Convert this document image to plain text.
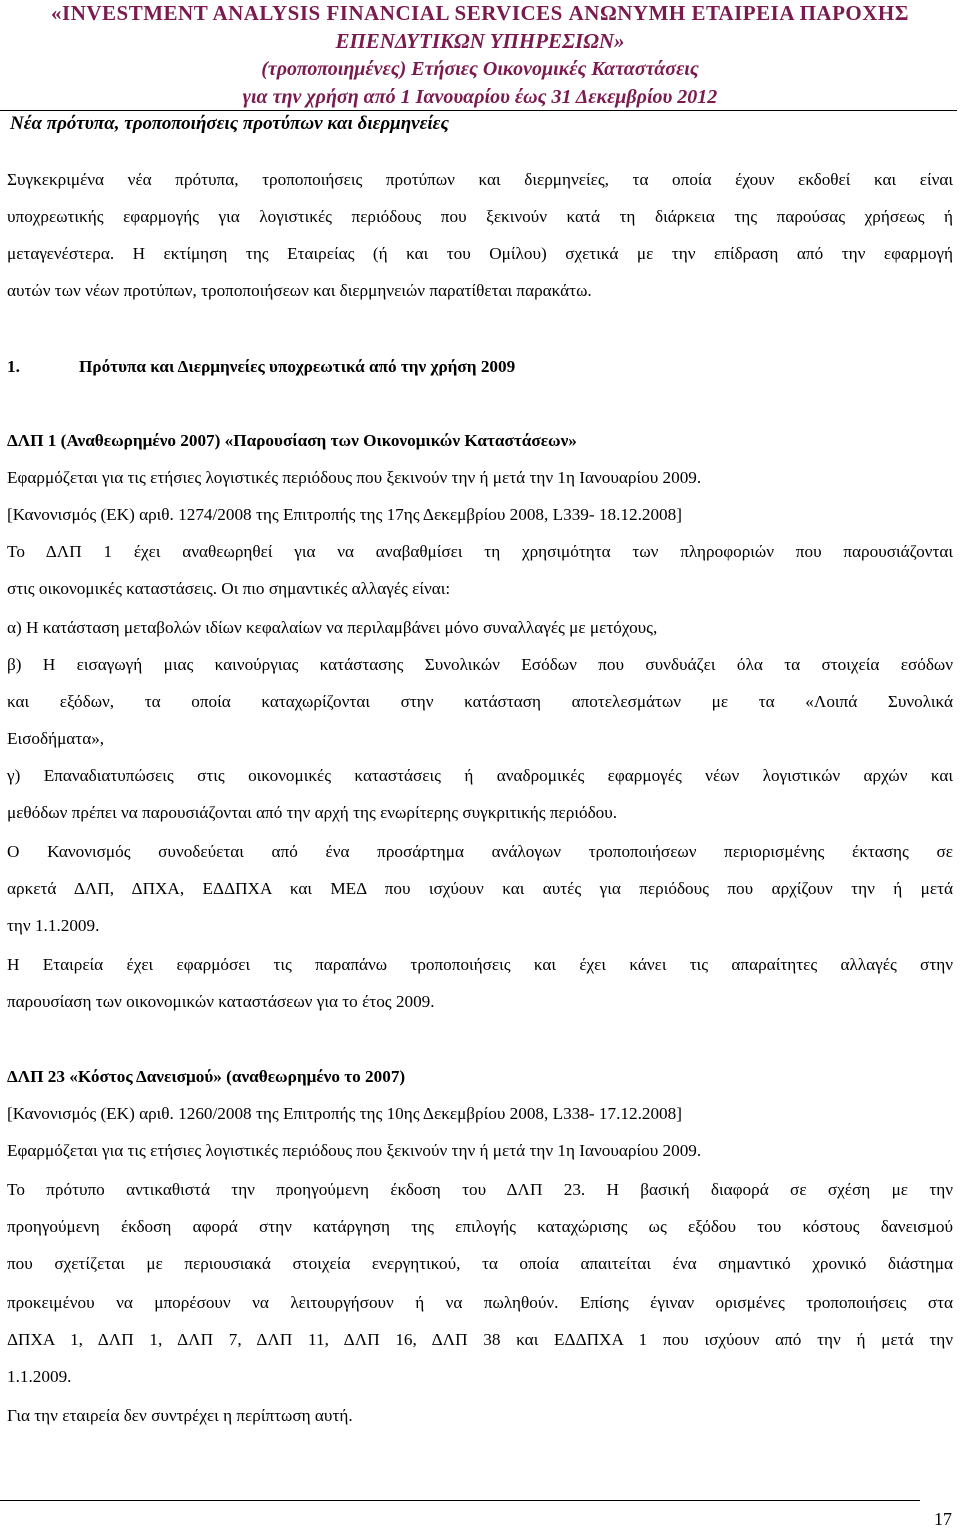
«INVESTMENT ANALYSIS FINANCIAL SERVICES ΑΝΩΝΥΜΗ ΕΤΑΙΡΕΙΑ ΠΑΡΟΧΗΣ
ΕΠΕΝΔΥΤΙΚΩΝ ΥΠΗΡΕΣΙΩΝ»
(τροποποιημένες) Ετήσιες Οικονομικές Καταστάσεις
για την χρήση από 1 Ιανουαρίου έως 31 Δεκεμβρίου 2012
Νέα πρότυπα, τροποποιήσεις προτύπων και διερμηνείες
Συγκεκριμένα νέα πρότυπα, τροποποιήσεις προτύπων και διερμηνείες, τα οποία έχουν εκδοθεί και είναι
υποχρεωτικής εφαρμογής για λογιστικές περιόδους που ξεκινούν κατά τη διάρκεια της παρούσας χρήσεως ή
μεταγενέστερα. Η εκτίμηση της Εταιρείας (ή και του Ομίλου) σχετικά με την επίδραση από την εφαρμογή
αυτών των νέων προτύπων, τροποποιήσεων και διερμηνειών παρατίθεται παρακάτω.
1.	Πρότυπα και Διερμηνείες υποχρεωτικά από την χρήση 2009
ΔΛΠ 1 (Αναθεωρημένο 2007) «Παρουσίαση των Οικονομικών Καταστάσεων»
Εφαρμόζεται για τις ετήσιες λογιστικές περιόδους που ξεκινούν την ή μετά την 1η Ιανουαρίου 2009.
[Κανονισμός (ΕΚ) αριθ. 1274/2008 της Επιτροπής της 17ης Δεκεμβρίου 2008, L339- 18.12.2008]
Το ΔΛΠ 1 έχει αναθεωρηθεί για να αναβαθμίσει τη χρησιμότητα των πληροφοριών που παρουσιάζονται
στις οικονομικές καταστάσεις. Οι πιο σημαντικές αλλαγές είναι:
α) Η κατάσταση μεταβολών ιδίων κεφαλαίων να περιλαμβάνει μόνο συναλλαγές με μετόχους,
β) Η εισαγωγή μιας καινούργιας κατάστασης Συνολικών Εσόδων που συνδυάζει όλα τα στοιχεία εσόδων
και εξόδων, τα οποία καταχωρίζονται στην κατάσταση αποτελεσμάτων με τα «Λοιπά Συνολικά
Εισοδήματα»,
γ) Επαναδιατυπώσεις στις οικονομικές καταστάσεις ή αναδρομικές εφαρμογές νέων λογιστικών αρχών και
μεθόδων πρέπει να παρουσιάζονται από την αρχή της ενωρίτερης συγκριτικής περιόδου.
Ο Κανονισμός συνοδεύεται από ένα προσάρτημα ανάλογων τροποποιήσεων περιορισμένης έκτασης σε
αρκετά ΔΛΠ, ΔΠΧΑ, ΕΔΔΠΧΑ και ΜΕΔ που ισχύουν και αυτές για περιόδους που αρχίζουν την ή μετά
την 1.1.2009.
Η Εταιρεία έχει εφαρμόσει τις παραπάνω τροποποιήσεις και έχει κάνει τις απαραίτητες αλλαγές στην
παρουσίαση των οικονομικών καταστάσεων για το έτος 2009.
ΔΛΠ 23 «Κόστος Δανεισμού» (αναθεωρημένο το 2007)
[Κανονισμός (ΕΚ) αριθ. 1260/2008 της Επιτροπής της 10ης Δεκεμβρίου 2008, L338- 17.12.2008]
Εφαρμόζεται για τις ετήσιες λογιστικές περιόδους που ξεκινούν την ή μετά την 1η Ιανουαρίου 2009.
Το πρότυπο αντικαθιστά την προηγούμενη έκδοση του ΔΛΠ 23. Η βασική διαφορά σε σχέση με την
προηγούμενη έκδοση αφορά στην κατάργηση της επιλογής καταχώρισης ως εξόδου του κόστους δανεισμού
που σχετίζεται με περιουσιακά στοιχεία ενεργητικού, τα οποία απαιτείται ένα σημαντικό χρονικό διάστημα
προκειμένου να μπορέσουν να λειτουργήσουν ή να πωληθούν. Επίσης έγιναν ορισμένες τροποποιήσεις στα
ΔΠΧΑ 1, ΔΛΠ 1, ΔΛΠ 7, ΔΛΠ 11, ΔΛΠ 16, ΔΛΠ 38 και ΕΔΔΠΧΑ 1 που ισχύουν από την ή μετά την
1.1.2009.
Για την εταιρεία δεν συντρέχει η περίπτωση αυτή.
17
